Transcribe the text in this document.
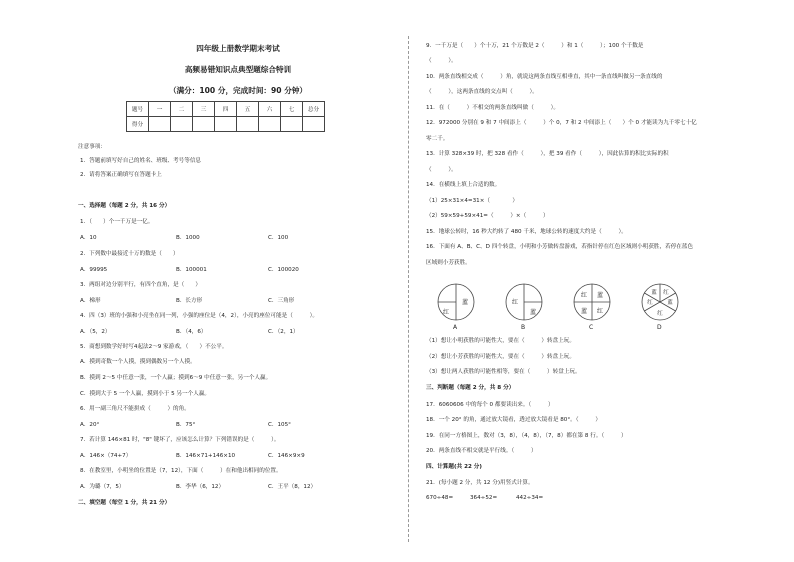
四年级上册数学期末考试
高频易错知识点典型题综合特训
（满分：100 分，完成时间：90 分钟）
题号	一	二	三	四	五	六	七	总分
得分								
注意事项：
1．答题前填写好自己的姓名、班级、考号等信息
2．请将答案正确填写在答题卡上
一、选择题（每题 2 分，共 16 分）
1．（　　）个一千万是一亿。
A．10	B．1000	C．100
2．下列数中最接近十万的数是（　　）
A．99995	B．100001	C．100020
3．两组对边分别平行，有四个直角，是（　　）
A．梯形	B．长方形	C．三角形
4．四（3）班的小强和小亮坐在同一列，小强的座位是（4，2），小亮的座位可能是（　　　）。
A．（5，2）	B．（4，6）	C．（2，1）
5．商想到数学好时写4起法2〜9 家游戏，（　　）不公平。
A．摸到奇数一个人摸，摸到偶数另一个人摸。
B．摸到 2〜5 中任意一张，一个人赢；摸到6〜9 中任意一张，另一个人赢。
C．摸到大于 5 一个人赢，摸到小于 5 另一个人赢。
6．用一副三角尺不能拼成（　　　）的角。
A．20°	B．75°	C．105°
7．若计算 146×81 时，"8" 键坏了，应该怎么计算？下列错误的是（　　　）。
A．146×（74+7）	B．146×71+146×10	C．146×9×9
8．在教室里，小明坐的位置是（7，12），下面（　　　）在和他出相同的位置。
A．为璐（7，5）	B．李华（6，12）	C．王平（8，12）
二、填空题（每空 1 分，共 21 分）
9．一千万是（　　）个十万，21 个万数是 2（　　　）和 1（　　　）；100 个千数是
（　　　）。
10．两条直线相交成（　　　）角，就说这两条直线互相垂直，其中一条直线叫做另一条直线的
（　　　），这两条直线的交点叫（　　　）。
11．在（　　　）不相交的两条直线叫做（　　　）。
12．972000 分别在 9 和 7 中间添上（　　　）个 0，7 和 2 中间添上（　　）个 0 才能读为九千零七十亿
零二千。
13．计算 328×39 时，把 328 看作（　　　），把 39 看作（　　　），因此估算的积比实际的积
（　　　）。
14．在横线上填上合适的数。
（1）25×31×4=31×（　　　　）
（2）59×59+59×41=（　　　）×（　　　）
15．地球公转时，16 秒大约转了 480 千米，地球公转的速度大约是（　　　）。
16．下面有 A、B、C、D 四个转盘，小明和小芳做转盘游戏，若指针停在红色区域则小明获胜，若停在蓝色
区域则小芳获胜。
红
蓝
A
红
蓝
B
红 蓝
蓝 红
C
蓝 红
红	蓝
红
D
（1）想让小明获胜的可能性大，要在（　　　）转盘上玩。
（2）想让小芳获胜的可能性大，要在（　　　）转盘上玩。
（3）想让两人获胜的可能性相等，要在（　　　）转盘上玩。
三、判断题（每题 2 分，共 8 分）
17．6060606 中的每个 0 都要读出来。（　　　）
18．一个 20° 的角，通过放大镜看，透过放大镜看是 80°。（　　　）
19．在同一方格图上，数对（3，8），（4，8），（7，8）都在第 8 行。（　　　）
20．两条直线不相交就是平行线。（　　　）
四、计算题(共 22 分)
21．(每小题 2 分，共 12 分)用竖式计算。
670÷48=	364÷52=	442÷34=
